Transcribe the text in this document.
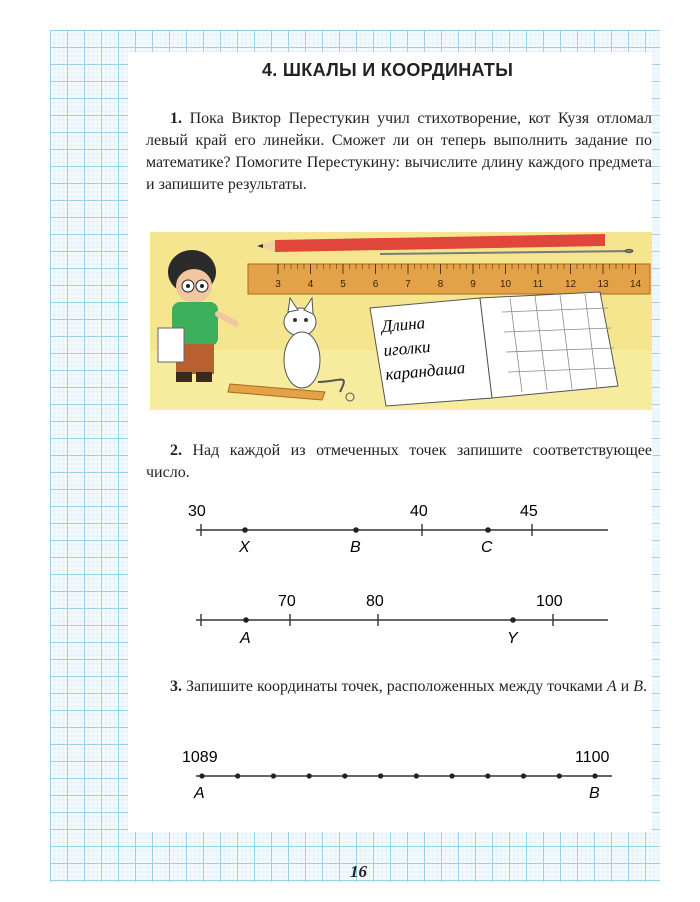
4. ШКАЛЫ И КООРДИНАТЫ
1. Пока Виктор Перестукин учил стихотворение, кот Кузя отломал левый край его линейки. Сможет ли он теперь выполнить задание по математике? Помогите Перестукину: вычислите длину каждого предмета и запишите результаты.
3	4	5	6	7	8	9 10 11 12 13 14
Длина
иголки
карандаша
2. Над каждой из отмеченных точек запишите соответствующее число.
30	40	45
X	B	C
70	80	100
A	Y
3. Запишите координаты точек, расположенных между точками A и B.
1089	1100
A	B
16
